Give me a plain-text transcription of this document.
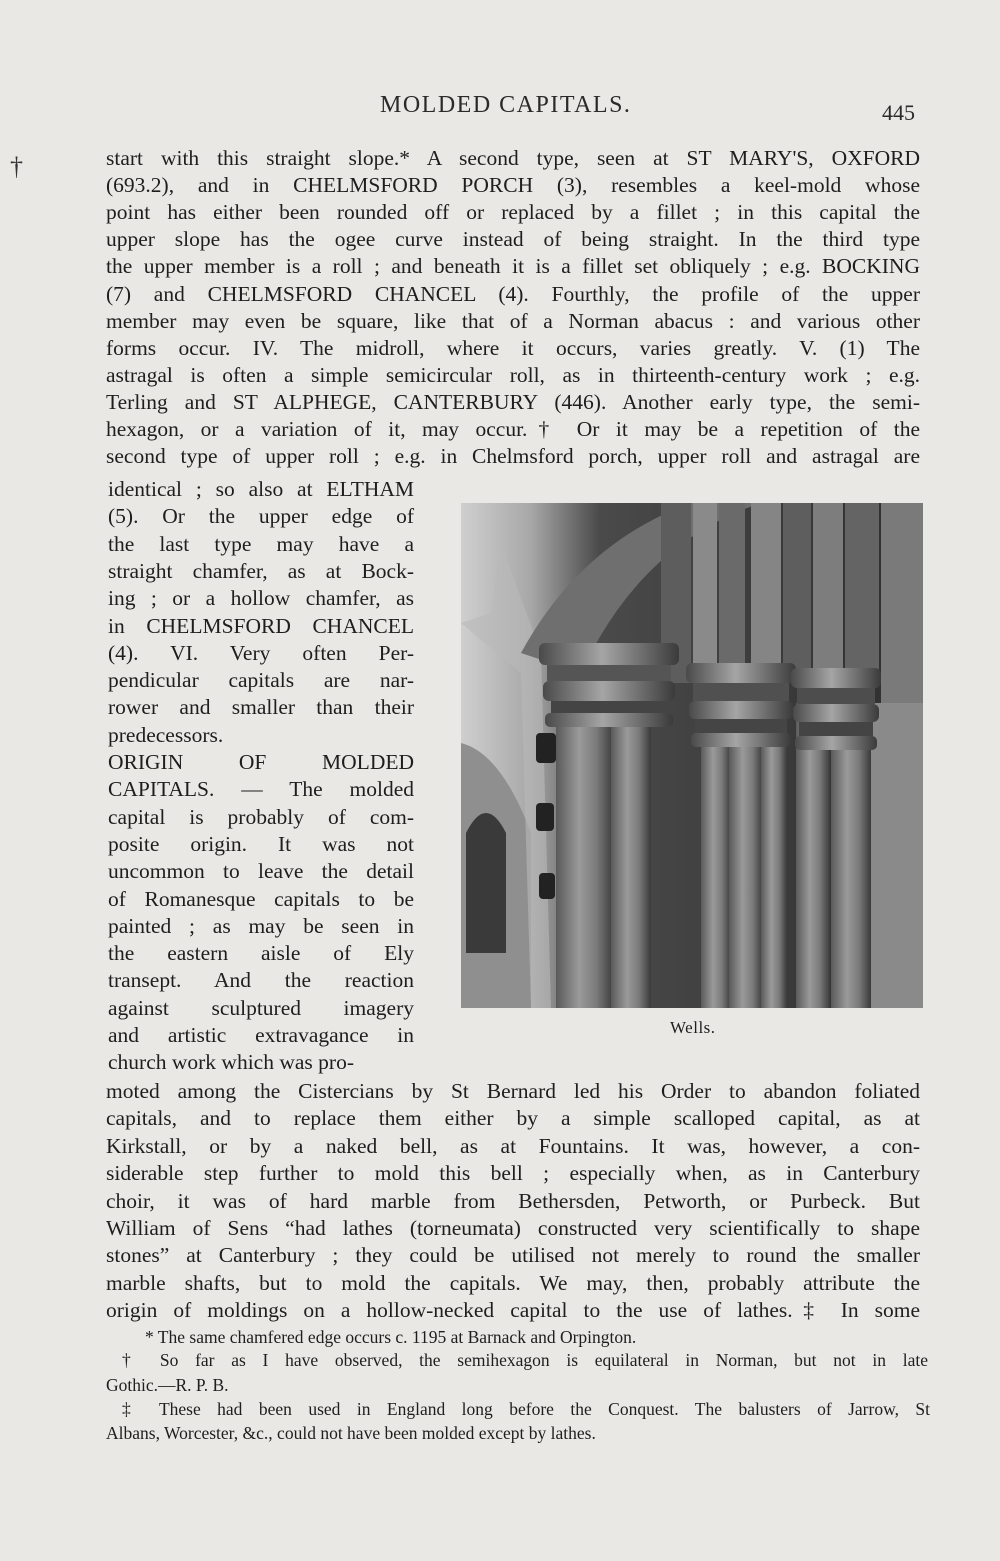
†
MOLDED CAPITALS.	445
start with this straight slope.* A second type, seen at ST MARY'S, OXFORD
(693.2), and in CHELMSFORD PORCH (3), resembles a keel-mold whose
point has either been rounded off or replaced by a fillet ; in this capital the
upper slope has the ogee curve instead of being straight. In the third type
the upper member is a roll ; and beneath it is a fillet set obliquely ; e.g. BOCKING
(7) and CHELMSFORD CHANCEL (4). Fourthly, the profile of the upper
member may even be square, like that of a Norman abacus : and various other
forms occur. IV. The midroll, where it occurs, varies greatly. V. (1) The
astragal is often a simple semicircular roll, as in thirteenth-century work ; e.g.
Terling and ST ALPHEGE, CANTERBURY (446). Another early type, the semi-
hexagon, or a variation of it, may occur.† Or it may be a repetition of the
second type of upper roll ; e.g. in Chelmsford porch, upper roll and astragal are
identical ; so also at ELTHAM
(5). Or the upper edge of
the last type may have a
straight chamfer, as at Bock-
ing ; or a hollow chamfer, as
in CHELMSFORD CHANCEL
(4). VI. Very often Per-
pendicular capitals are nar-
rower and smaller than their
predecessors.
ORIGIN OF MOLDED
CAPITALS. — The molded
capital is probably of com-
posite origin. It was not
uncommon to leave the detail
of Romanesque capitals to be
painted ; as may be seen in
the eastern aisle of Ely
transept. And the reaction
against sculptured imagery
and artistic extravagance in
church work which was pro-
moted among the Cistercians by St Bernard led his Order to abandon foliated
capitals, and to replace them either by a simple scalloped capital, as at
Kirkstall, or by a naked bell, as at Fountains. It was, however, a con-
siderable step further to mold this bell ; especially when, as in Canterbury
choir, it was of hard marble from Bethersden, Petworth, or Purbeck. But
William of Sens “had lathes (torneumata) constructed very scientifically to shape
stones” at Canterbury ; they could be utilised not merely to round the smaller
marble shafts, but to mold the capitals. We may, then, probably attribute the
origin of moldings on a hollow-necked capital to the use of lathes.‡ In some
Wells.
* The same chamfered edge occurs c. 1195 at Barnack and Orpington.
† So far as I have observed, the semihexagon is equilateral in Norman, but not in late
Gothic.—R. P. B.
‡ These had been used in England long before the Conquest. The balusters of Jarrow, St
Albans, Worcester, &c., could not have been molded except by lathes.
